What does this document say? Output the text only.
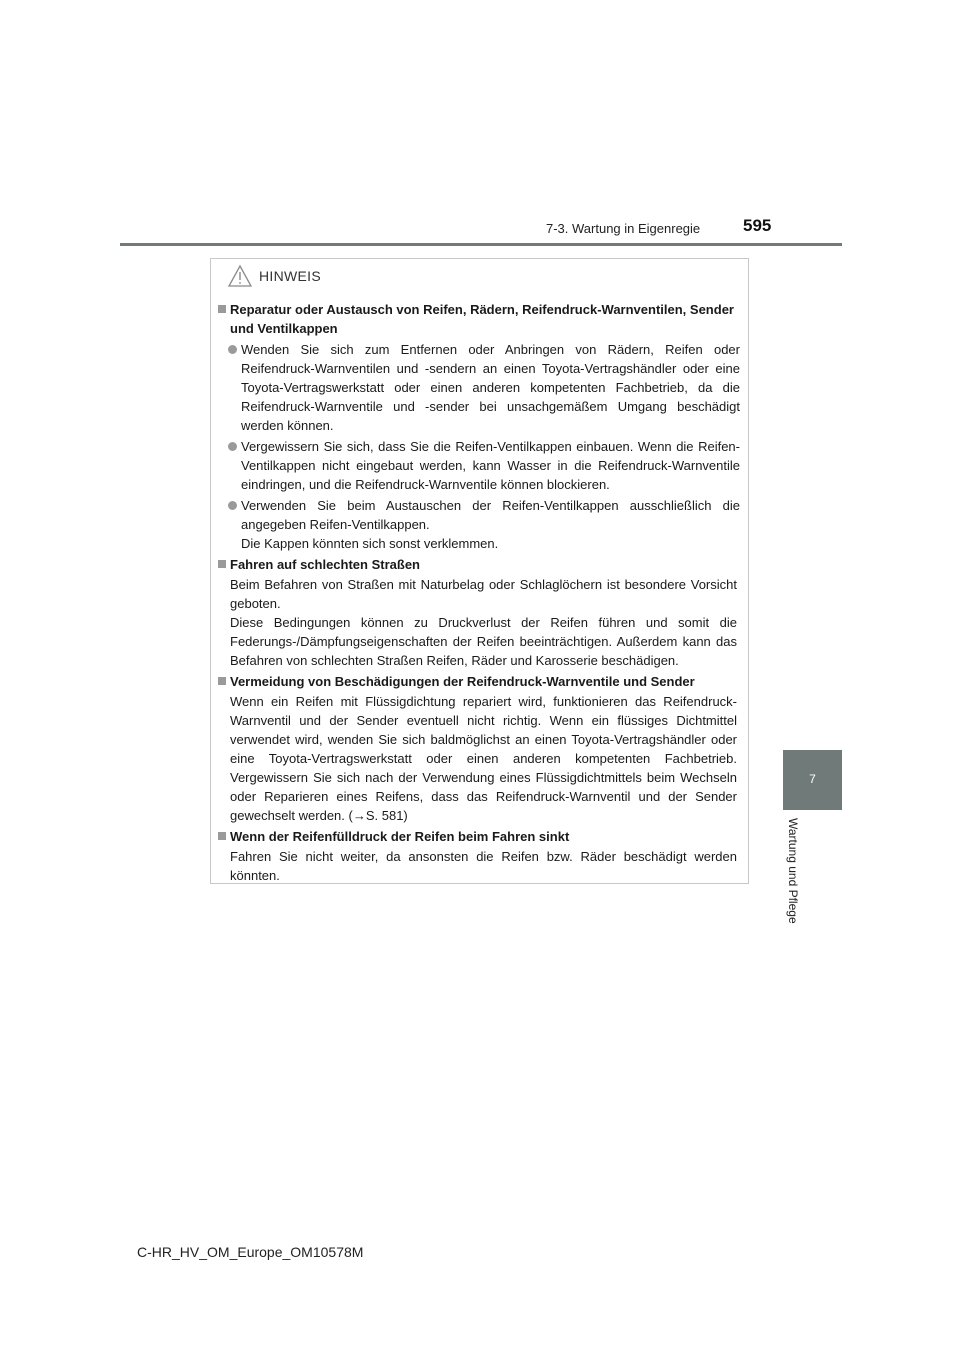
7-3. Wartung in Eigenregie	595
7
Wartung und Pflege
HINWEIS
Reparatur oder Austausch von Reifen, Rädern, Reifendruck-Warnventilen, Sender und Ventilkappen
Wenden Sie sich zum Entfernen oder Anbringen von Rädern, Reifen oder Reifendruck-Warnventilen und -sendern an einen Toyota-Vertragshändler oder eine Toyota-Vertragswerkstatt oder einen anderen kompetenten Fachbetrieb, da die Reifendruck-Warnventile und -sender bei unsachgemäßem Umgang beschädigt werden können.
Vergewissern Sie sich, dass Sie die Reifen-Ventilkappen einbauen. Wenn die Reifen-Ventilkappen nicht eingebaut werden, kann Wasser in die Reifendruck-Warnventile eindringen, und die Reifendruck-Warnventile können blockieren.
Verwenden Sie beim Austauschen der Reifen-Ventilkappen ausschließlich die angegeben Reifen-Ventilkappen.
Die Kappen könnten sich sonst verklemmen.
Fahren auf schlechten Straßen
Beim Befahren von Straßen mit Naturbelag oder Schlaglöchern ist besondere Vorsicht geboten.
Diese Bedingungen können zu Druckverlust der Reifen führen und somit die Federungs-/Dämpfungseigenschaften der Reifen beeinträchtigen. Außerdem kann das Befahren von schlechten Straßen Reifen, Räder und Karosserie beschädigen.
Vermeidung von Beschädigungen der Reifendruck-Warnventile und Sender
Wenn ein Reifen mit Flüssigdichtung repariert wird, funktionieren das Reifendruck-Warnventil und der Sender eventuell nicht richtig. Wenn ein flüssiges Dichtmittel verwendet wird, wenden Sie sich baldmöglichst an einen Toyota-Vertragshändler oder eine Toyota-Vertragswerkstatt oder einen anderen kompetenten Fachbetrieb. Vergewissern Sie sich nach der Verwendung eines Flüssigdichtmittels beim Wechseln oder Reparieren eines Reifens, dass das Reifendruck-Warnventil und der Sender gewechselt werden. (→S. 581)
Wenn der Reifenfülldruck der Reifen beim Fahren sinkt
Fahren Sie nicht weiter, da ansonsten die Reifen bzw. Räder beschädigt werden könnten.
C-HR_HV_OM_Europe_OM10578M
